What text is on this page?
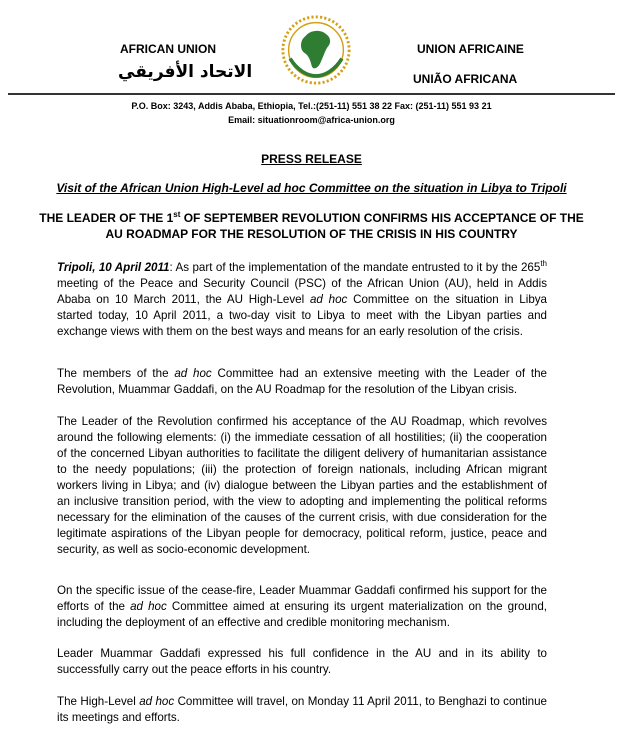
AFRICAN UNION
الاتحاد الأفريقي
UNION AFRICAINE
UNIÃO AFRICANA
P.O. Box: 3243, Addis Ababa, Ethiopia, Tel.:(251-11) 551 38 22 Fax: (251-11) 551 93 21
Email: situationroom@africa-union.org
PRESS RELEASE
Visit of the African Union High-Level ad hoc Committee on the situation in Libya to Tripoli
THE LEADER OF THE 1st OF SEPTEMBER REVOLUTION CONFIRMS HIS ACCEPTANCE OF THE AU ROADMAP FOR THE RESOLUTION OF THE CRISIS IN HIS COUNTRY
Tripoli, 10 April 2011: As part of the implementation of the mandate entrusted to it by the 265th meeting of the Peace and Security Council (PSC) of the African Union (AU), held in Addis Ababa on 10 March 2011, the AU High-Level ad hoc Committee on the situation in Libya started today, 10 April 2011, a two-day visit to Libya to meet with the Libyan parties and exchange views with them on the best ways and means for an early resolution of the crisis.
The members of the ad hoc Committee had an extensive meeting with the Leader of the Revolution, Muammar Gaddafi, on the AU Roadmap for the resolution of the Libyan crisis.
The Leader of the Revolution confirmed his acceptance of the AU Roadmap, which revolves around the following elements: (i) the immediate cessation of all hostilities; (ii) the cooperation of the concerned Libyan authorities to facilitate the diligent delivery of humanitarian assistance to the needy populations; (iii) the protection of foreign nationals, including African migrant workers living in Libya; and (iv) dialogue between the Libyan parties and the establishment of an inclusive transition period, with the view to adopting and implementing the political reforms necessary for the elimination of the causes of the current crisis, with due consideration for the legitimate aspirations of the Libyan people for democracy, political reform, justice, peace and security, as well as socio-economic development.
On the specific issue of the cease-fire, Leader Muammar Gaddafi confirmed his support for the efforts of the ad hoc Committee aimed at ensuring its urgent materialization on the ground, including the deployment of an effective and credible monitoring mechanism.
Leader Muammar Gaddafi expressed his full confidence in the AU and in its ability to successfully carry out the peace efforts in his country.
The High-Level ad hoc Committee will travel, on Monday 11 April 2011, to Benghazi to continue its meetings and efforts.
